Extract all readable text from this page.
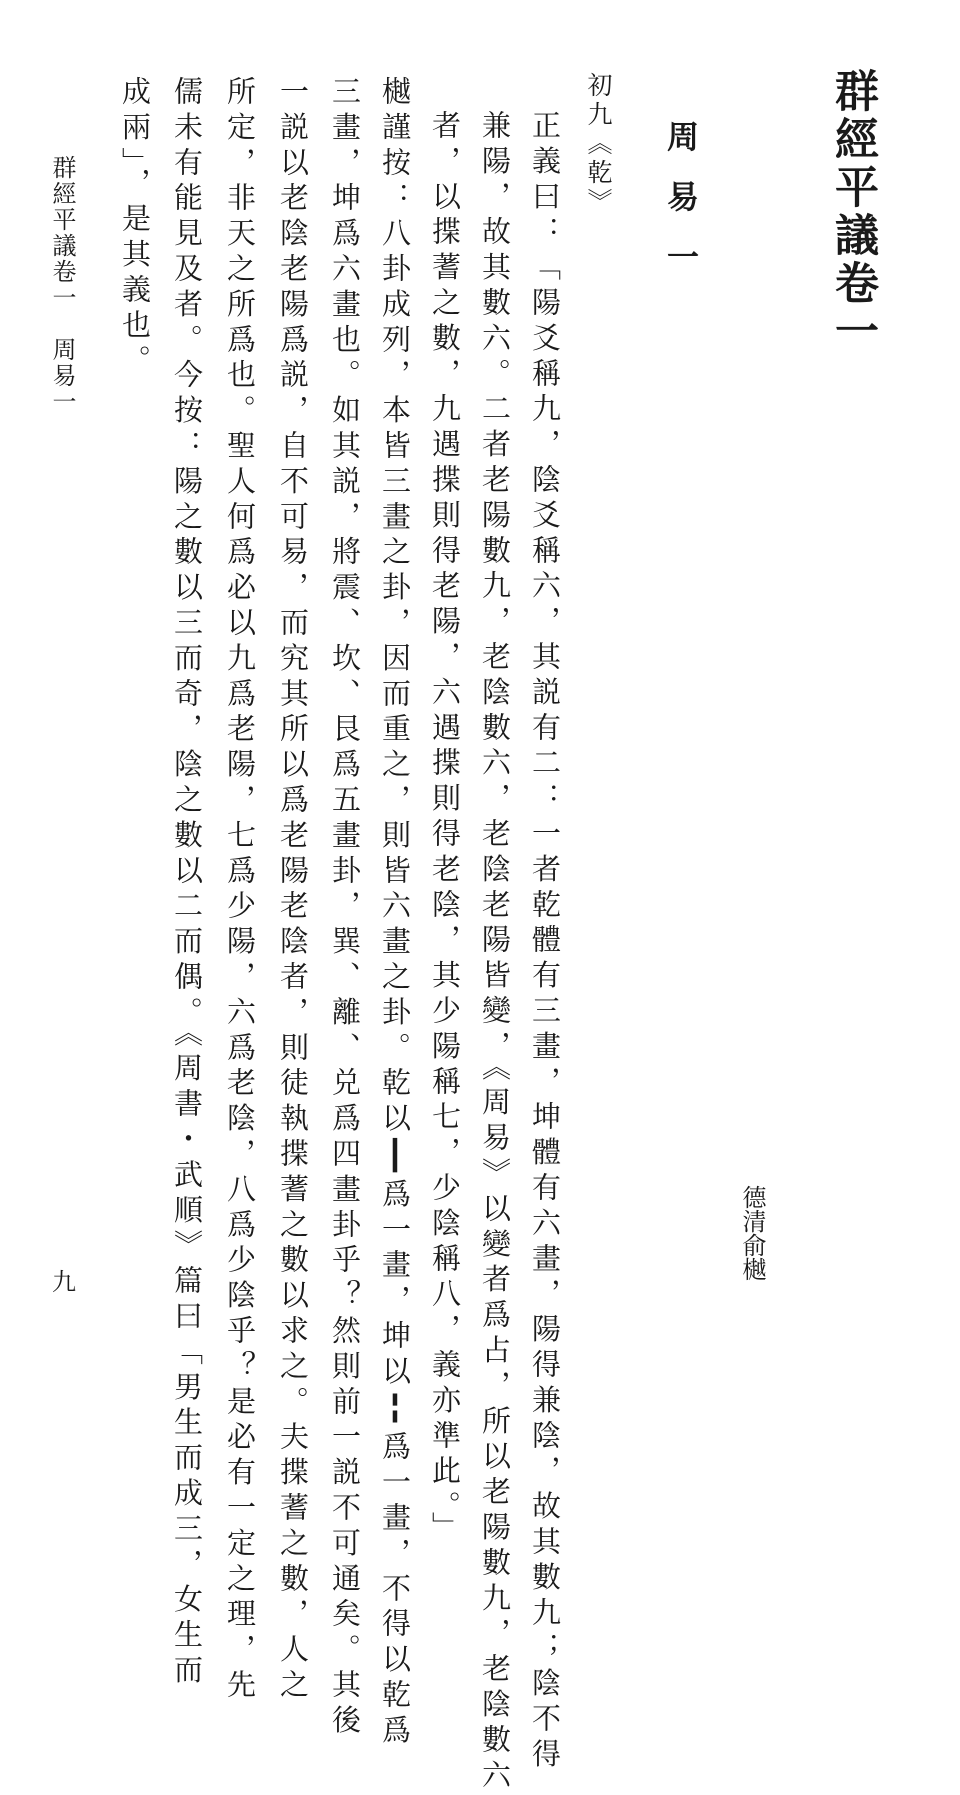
群經平議卷一
德清俞樾
周易一
初九《乾》
正義曰：「陽爻稱九，陰爻稱六，其説有二：一者乾體有三畫，坤體有六畫，陽得兼陰，故其數九；陰不得
兼陽，故其數六。二者老陽數九，老陰數六，老陰老陽皆變，《周易》以變者爲占，所以老陽數九，老陰數六
者，以揲蓍之數，九遇揲則得老陽，六遇揲則得老陰，其少陽稱七，少陰稱八，義亦準此。」
樾謹按：八卦成列，本皆三畫之卦，因而重之，則皆六畫之卦。乾以┃爲一畫，坤以╏爲一畫，不得以乾爲
三畫，坤爲六畫也。如其説，將震、坎、艮爲五畫卦，巽、離、兑爲四畫卦乎？然則前一説不可通矣。其後
一説以老陰老陽爲説，自不可易，而究其所以爲老陽老陰者，則徒執揲蓍之數以求之。夫揲蓍之數，人之
所定，非天之所爲也。聖人何爲必以九爲老陽，七爲少陽，六爲老陰，八爲少陰乎？是必有一定之理，先
儒未有能見及者。今按：陽之數以三而奇，陰之數以二而偶。《周書・武順》篇曰「男生而成三，女生而
成兩」，是其義也。
群經平議卷一　周易一
九
